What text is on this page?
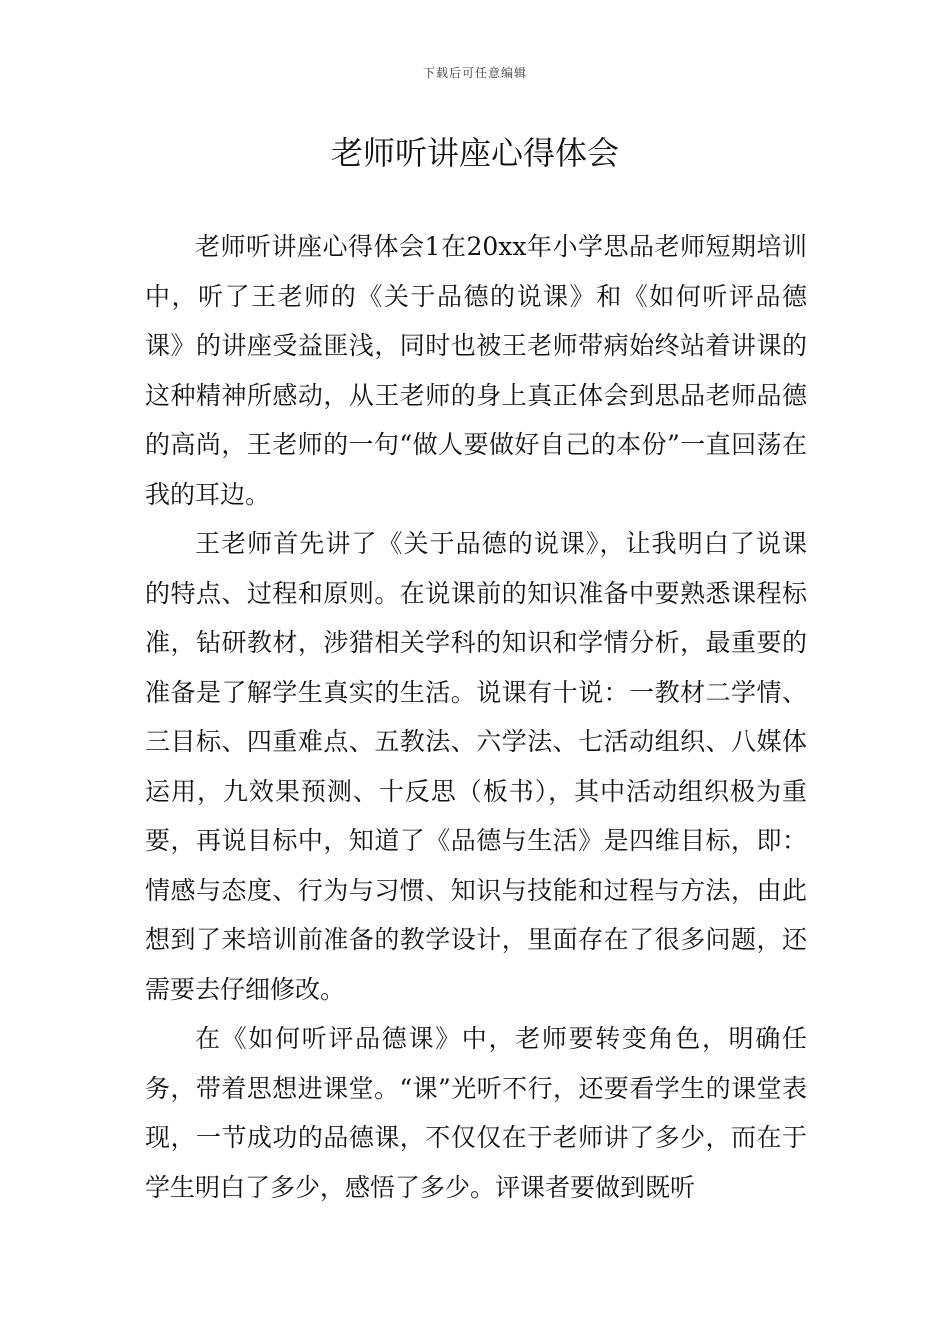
下载后可任意编辑
老师听讲座心得体会

老师听讲座心得体会1在20xx年小学思品老师短期培训中，听了王老师的《关于品德的说课》和《如何听评品德课》的讲座受益匪浅，同时也被王老师带病始终站着讲课的这种精神所感动，从王老师的身上真正体会到思品老师品德的高尚，王老师的一句“做人要做好自己的本份”一直回荡在我的耳边。

王老师首先讲了《关于品德的说课》，让我明白了说课的特点、过程和原则。在说课前的知识准备中要熟悉课程标准，钻研教材，涉猎相关学科的知识和学情分析，最重要的准备是了解学生真实的生活。说课有十说：一教材二学情、三目标、四重难点、五教法、六学法、七活动组织、八媒体运用，九效果预测、十反思（板书），其中活动组织极为重要，再说目标中，知道了《品德与生活》是四维目标，即：情感与态度、行为与习惯、知识与技能和过程与方法，由此想到了来培训前准备的教学设计，里面存在了很多问题，还需要去仔细修改。

在《如何听评品德课》中，老师要转变角色，明确任务，带着思想进课堂。“课”光听不行，还要看学生的课堂表现，一节成功的品德课，不仅仅在于老师讲了多少，而在于学生明白了多少，感悟了多少。评课者要做到既听
